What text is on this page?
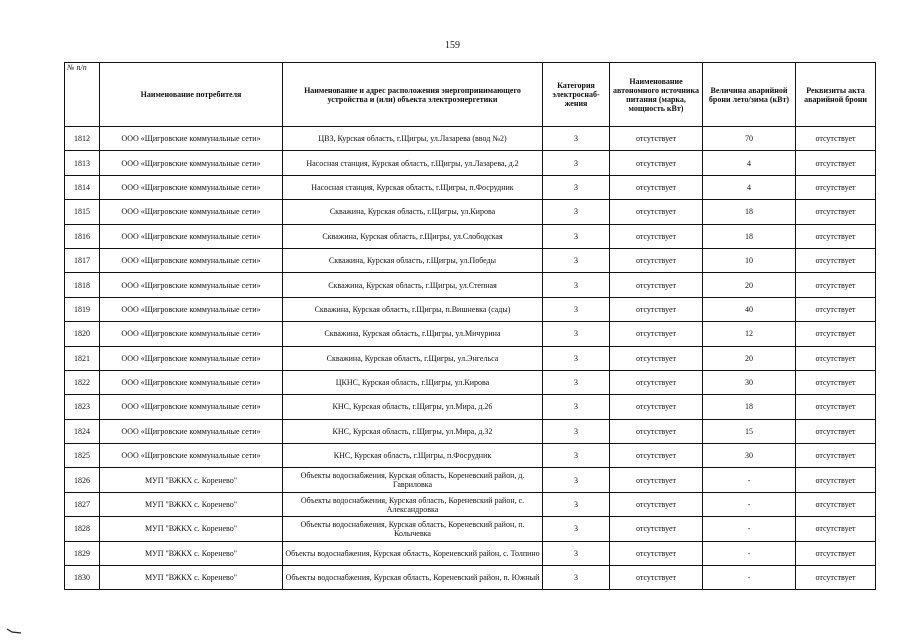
159
№ п/п	Наименование потребителя	Наименование и адрес расположения энергопринимающего устройства и (или) объекта электроэнергетики	Категория электроснаб-жения	Наименование автономного источника питания (марка, мощность кВт)	Величина аварийной брони лето/зима (кВт)	Реквизиты акта аварийной брони
1812	ООО «Щигровские коммунальные сети»	ЦВЗ, Курская область, г.Щигры, ул.Лазарева (ввод №2)	3	отсутствует	70	отсутствует
1813	ООО «Щигровские коммунальные сети»	Насосная станция, Курская область, г.Щигры, ул.Лазарева, д.2	3	отсутствует	4	отсутствует
1814	ООО «Щигровские коммунальные сети»	Насосная станция, Курская область, г.Щигры, п.Фосрудник	3	отсутствует	4	отсутствует
1815	ООО «Щигровские коммунальные сети»	Скважина, Курская область, г.Щигры, ул.Кирова	3	отсутствует	18	отсутствует
1816	ООО «Щигровские коммунальные сети»	Скважина, Курская область, г.Щигры, ул.Слободская	3	отсутствует	18	отсутствует
1817	ООО «Щигровские коммунальные сети»	Скважина, Курская область, г.Щигры, ул.Победы	3	отсутствует	10	отсутствует
1818	ООО «Щигровские коммунальные сети»	Скважина, Курская область, г.Щигры, ул.Степная	3	отсутствует	20	отсутствует
1819	ООО «Щигровские коммунальные сети»	Скважина, Курская область, г.Щигры, п.Вишневка (сады)	3	отсутствует	40	отсутствует
1820	ООО «Щигровские коммунальные сети»	Скважина, Курская область, г.Щигры, ул.Мичурина	3	отсутствует	12	отсутствует
1821	ООО «Щигровские коммунальные сети»	Скважина, Курская область, г.Щигры, ул.Энгельса	3	отсутствует	20	отсутствует
1822	ООО «Щигровские коммунальные сети»	ЦКНС, Курская область, г.Щигры, ул.Кирова	3	отсутствует	30	отсутствует
1823	ООО «Щигровские коммунальные сети»	КНС, Курская область, г.Щигры, ул.Мира, д.26	3	отсутствует	18	отсутствует
1824	ООО «Щигровские коммунальные сети»	КНС, Курская область, г.Щигры, ул.Мира, д.32	3	отсутствует	15	отсутствует
1825	ООО «Щигровские коммунальные сети»	КНС, Курская область, г.Щигры, п.Фосрудник	3	отсутствует	30	отсутствует
1826	МУП "ВЖКХ с. Коренево"	Объекты водоснабжения, Курская область, Кореневский район, д. Гавриловка	3	отсутствует	-	отсутствует
1827	МУП "ВЖКХ с. Коренево"	Объекты водоснабжения, Курская область, Кореневский район, с. Александровка	3	отсутствует	-	отсутствует
1828	МУП "ВЖКХ с. Коренево"	Объекты водоснабжения, Курская область, Кореневский район, п. Колычевка	3	отсутствует	-	отсутствует
1829	МУП "ВЖКХ с. Коренево"	Объекты водоснабжения, Курская область, Кореневский район, с. Толпино	3	отсутствует	-	отсутствует
1830	МУП "ВЖКХ с. Коренево"	Объекты водоснабжения, Курская область, Кореневский район, п. Южный	3	отсутствует	-	отсутствует
